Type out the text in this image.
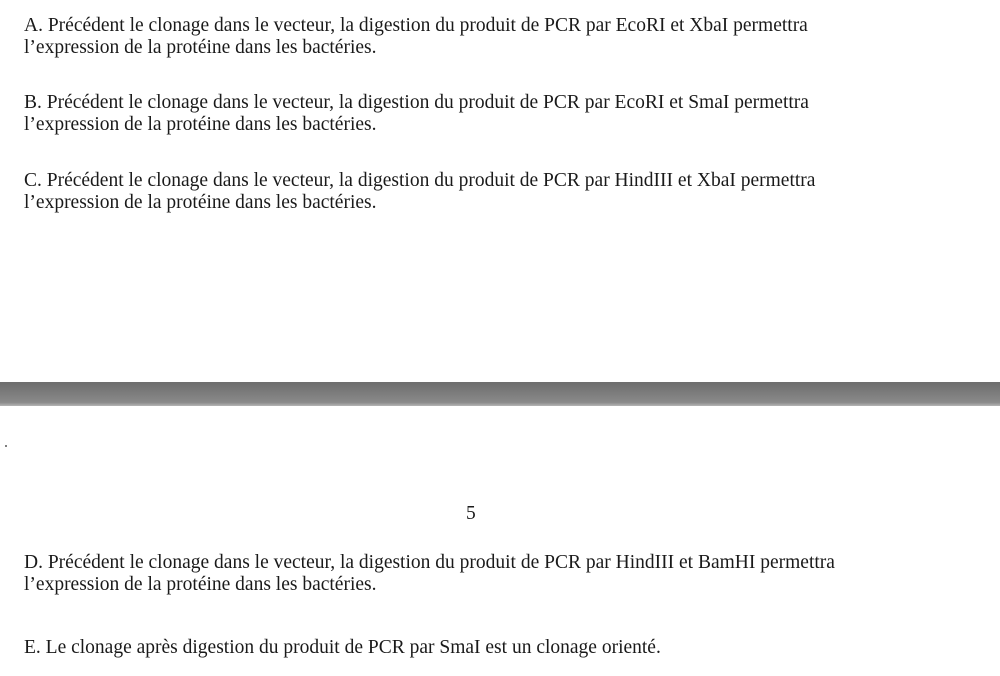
A. Précédent le clonage dans le vecteur, la digestion du produit de PCR par EcoRI et XbaI permettra
l’expression de la protéine dans les bactéries.

B. Précédent le clonage dans le vecteur, la digestion du produit de PCR par EcoRI et SmaI permettra
l’expression de la protéine dans les bactéries.

C. Précédent le clonage dans le vecteur, la digestion du produit de PCR par HindIII et XbaI permettra
l’expression de la protéine dans les bactéries.

5

D. Précédent le clonage dans le vecteur, la digestion du produit de PCR par HindIII et BamHI permettra
l’expression de la protéine dans les bactéries.

E. Le clonage après digestion du produit de PCR par SmaI est un clonage orienté.
